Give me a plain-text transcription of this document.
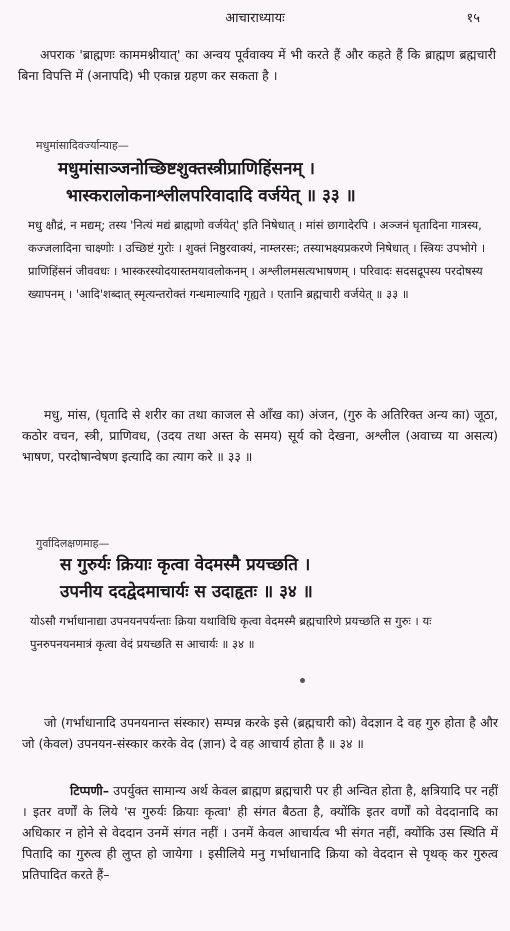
आचाराध्यायः	१५
अपराक 'ब्राह्मणः काममश्नीयात्' का अन्वय पूर्ववाक्य में भी करते हैं और कहते हैं कि ब्राह्मण ब्रह्मचारी बिना विपत्ति में (अनापदि) भी एकान्न ग्रहण कर सकता है ।
मधुमांसादिवर्ज्यान्याह—
मधुमांसाञ्जनोच्छिष्टशुक्तस्त्रीप्राणिहिंसनम् ।
भास्करालोकनाश्लीलपरिवादादि वर्जयेत् ॥ ३३ ॥
मधु क्षौद्रं, न मद्यम्; तस्य 'नित्यं मद्यं ब्राह्मणो वर्जयेत्' इति निषेधात् । मांसं छागादेरपि । अञ्जनं घृतादिना गात्रस्य, कज्जलादिना चाक्ष्णोः । उच्छिष्टं गुरोः । शुक्तं निष्ठुरवाक्यं, नाम्लरसः; तस्याभक्ष्यप्रकरणे निषेधात् । स्त्रियः उपभोगे । प्राणिहिंसनं जीववधः । भास्करस्योदयास्तमयावलोकनम् । अश्लीलमसत्यभाषणम् । परिवादः सदसद्रूपस्य परदोषस्य ख्यापनम् । 'आदि'शब्दात् स्मृत्यन्तरोक्तं गन्धमाल्यादि गृह्यते । एतानि ब्रह्मचारी वर्जयेत् ॥ ३३ ॥
मधु, मांस, (घृतादि से शरीर का तथा काजल से आँख का) अंजन, (गुरु के अतिरिक्त अन्य का) जूठा, कठोर वचन, स्त्री, प्राणिवध, (उदय तथा अस्त के समय) सूर्य को देखना, अश्लील (अवाच्य या असत्य) भाषण, परदोषान्वेषण इत्यादि का त्याग करे ॥ ३३ ॥
गुर्वादिलक्षणमाह—
स गुरुर्यः क्रियाः कृत्वा वेदमस्मै प्रयच्छति ।
उपनीय ददद्वेदमाचार्यः स उदाहृतः ॥ ३४ ॥
योऽसौ गर्भाधानाद्या उपनयनपर्यन्ताः क्रिया यथाविधि कृत्वा वेदमस्मै ब्रह्मचारिणे प्रयच्छति स गुरुः । यः पुनरुपनयनमात्रं कृत्वा वेदं प्रयच्छति स आचार्यः ॥ ३४ ॥
जो (गर्भाधानादि उपनयनान्त संस्कार) सम्पन्न करके इसे (ब्रह्मचारी को) वेदज्ञान दे वह गुरु होता है और जो (केवल) उपनयन-संस्कार करके वेद (ज्ञान) दे वह आचार्य होता है ॥ ३४ ॥
टिप्पणी– उपर्युक्त सामान्य अर्थ केवल ब्राह्मण ब्रह्मचारी पर ही अन्वित होता है, क्षत्रियादि पर नहीं । इतर वर्णों के लिये 'स गुरुर्यः क्रियाः कृत्वा' ही संगत बैठता है, क्योंकि इतर वर्णों को वेददानादि का अधिकार न होने से वेददान उनमें संगत नहीं । उनमें केवल आचार्यत्व भी संगत नहीं, क्योंकि उस स्थिति में पितादि का गुरुत्व ही लुप्त हो जायेगा । इसीलिये मनु गर्भाधानादि क्रिया को वेददान से पृथक् कर गुरुत्व प्रतिपादित करते हैं–
